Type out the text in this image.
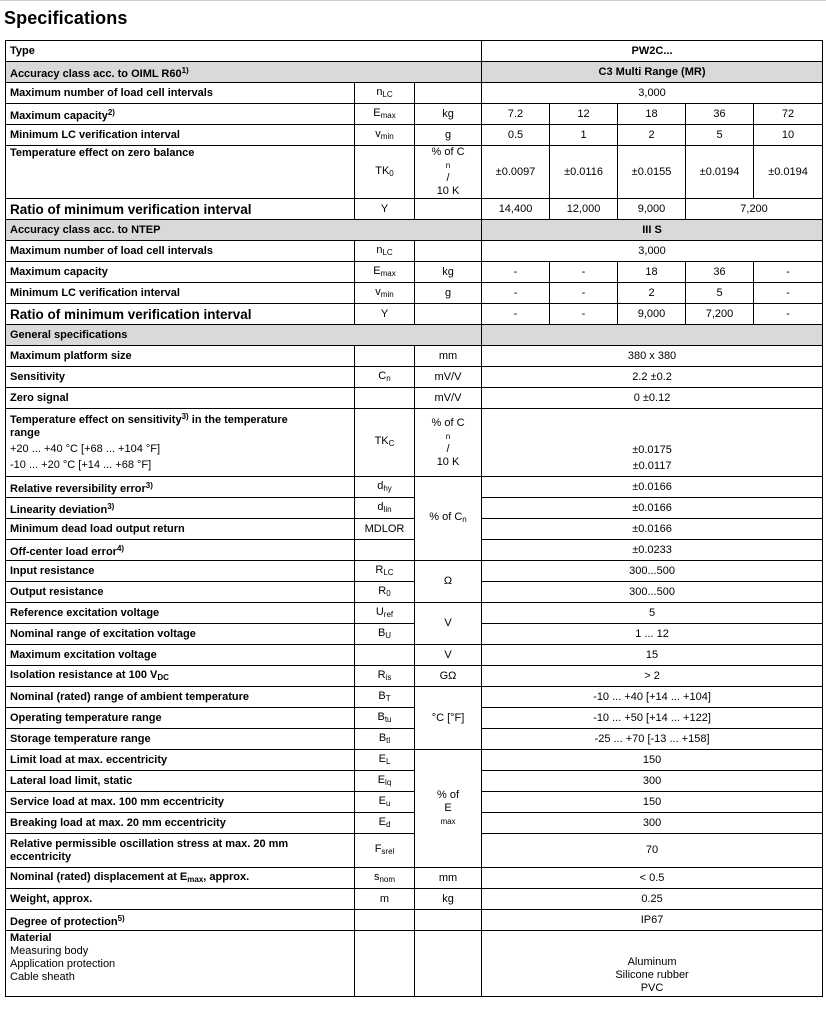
Specifications
Type			PW2C...				
Accuracy class acc. to OIML R60$^{1)}$			C3 Multi Range (MR)				
Maximum number of load cell intervals	$n_{LC}$		3,000				
Maximum capacity$^{2)}$	$E_{max}$	kg	7.2	12	18	36	72
Minimum LC verification interval	$v_{min}$	g	0.5	1	2	5	10
Temperature effect on zero balance	$TK_0$	% of C
n
/
10 K	±0.0097	±0.0116	±0.0155	±0.0194	±0.0194
Ratio of minimum verification interval	Y		14,400	12,000	9,000	7,200	
Accuracy class acc. to NTEP			III S				
Maximum number of load cell intervals	$n_{LC}$		3,000				
Maximum capacity	$E_{max}$	kg	-	-	18	36	-
Minimum LC verification interval	$v_{min}$	g	-	-	2	5	-
Ratio of minimum verification interval	Y		-	-	9,000	7,200	-
General specifications							
Maximum platform size		mm	380 x 380				
Sensitivity	$C_n$	mV/V	2.2 ±0.2				
Zero signal		mV/V	0 ±0.12				
Temperature effect on sensitivity$^{3)}$ in the temperature
range
+20 ... +40 °C [+68 ... +104 °F]
-10 ... +20 °C [+14 ... +68 °F]	$TK_C$	% of C
n
/
10 K	±0.0175
±0.0117				

Relative reversibility error$^{3)}$	$d_{hy}$	% of $C_n$	±0.0166				
Linearity deviation$^{3)}$	$d_{lin}$		±0.0166				
Minimum dead load output return	MDLOR		±0.0166				
Off-center load error$^{4)}$			±0.0233				
Input resistance	$R_{LC}$	Ω	300...500				
Output resistance	$R_0$		300...500				
Reference excitation voltage	$U_{ref}$	V	5				
Nominal range of excitation voltage	$B_U$		1 ... 12				
Maximum excitation voltage		V	15				
Isolation resistance at 100 $V_{DC}$	$R_{is}$	GΩ	> 2				
Nominal (rated) range of ambient temperature	$B_T$	°C [°F]	-10 ... +40 [+14 ... +104]				
Operating temperature range	$B_{tu}$		-10 ... +50 [+14 ... +122]				
Storage temperature range	$B_{tl}$		-25 ... +70 [-13 ... +158]				
Limit load at max. eccentricity	$E_L$	% of
E
max	150				
Lateral load limit, static	$E_{lq}$		300				
Service load at max. 100 mm eccentricity	$E_u$		150				
Breaking load at max. 20 mm eccentricity	$E_d$		300				
Relative permissible oscillation stress at max. 20 mm
eccentricity	$F_{srel}$		70				
Nominal (rated) displacement at $E_{max}$, approx.	$s_{nom}$	mm	< 0.5				
Weight, approx.	m	kg	0.25				
Degree of protection$^{5)}$			IP67				
Material
Measuring body
Application protection
Cable sheath			Aluminum
Silicone rubber
PVC				
